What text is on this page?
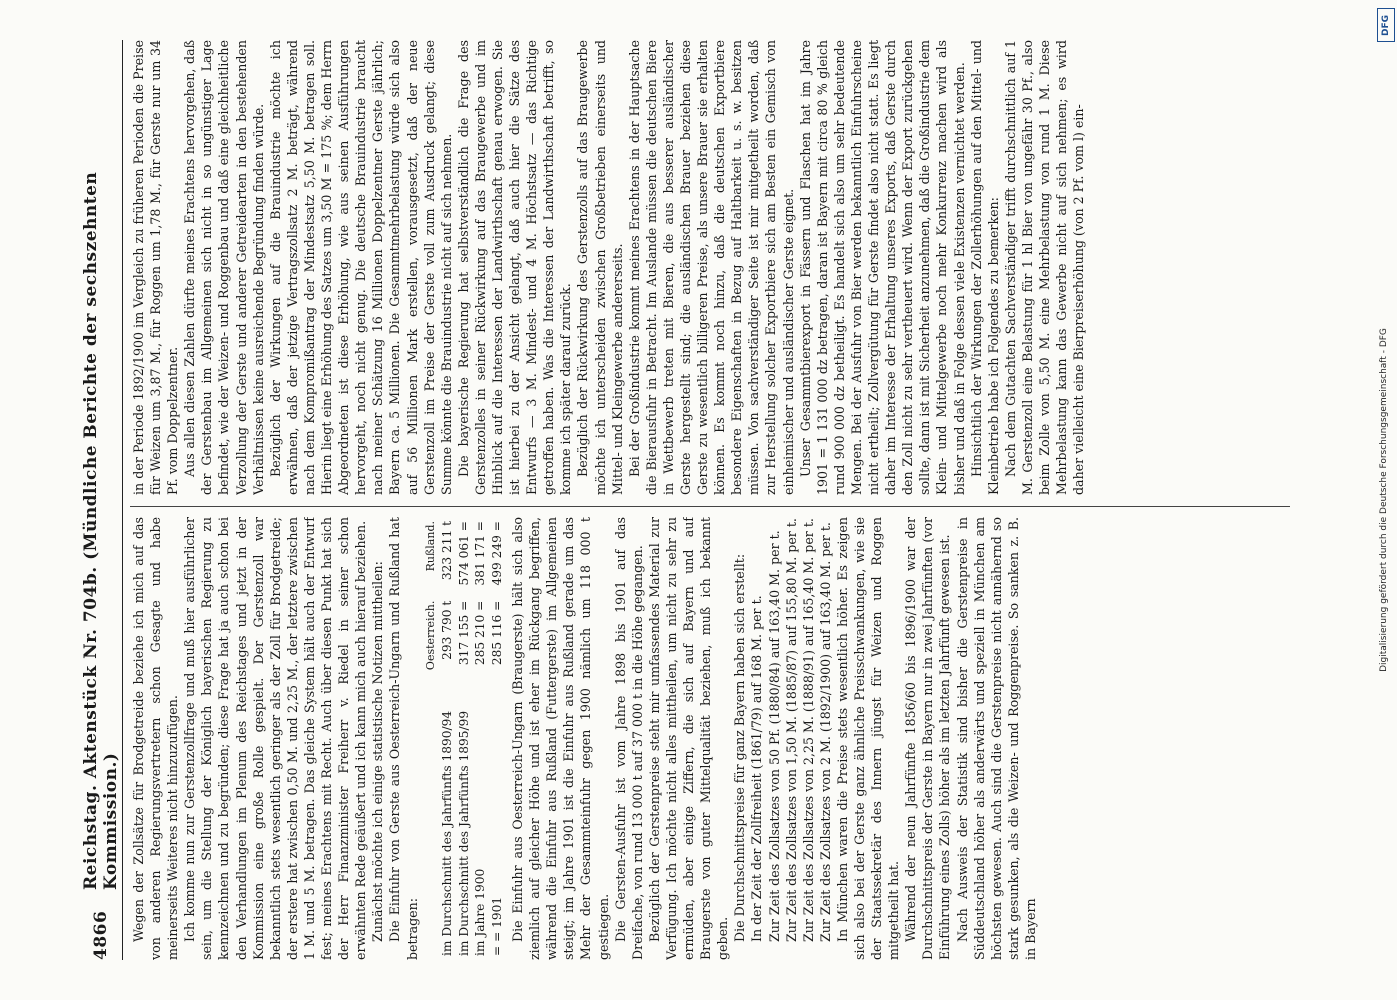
4866
Reichstag. Aktenstück Nr. 704b. (Mündliche Berichte der sechszehnten Kommission.) Wegen der Zollsätze für Brodgetreide beziehe ich mich auf das von anderen Regierungsvertretern schon Gesagte und habe meinerseits Weiteres nicht hinzuzufügen. Ich komme nun zur Gerstenzollfrage und muß hier ausführlicher sein, um die Stellung der Königlich bayerischen Regierung zu kennzeichnen und zu begründen; diese Frage hat ja auch schon bei den Verhandlungen im Plenum des Reichstages und jetzt in der Kommission eine große Rolle gespielt. Der Gerstenzoll war bekanntlich stets wesentlich geringer als der Zoll für Brodgetreide; der erstere hat zwischen 0,50 M. und 2,25 M., der letztere zwischen 1 M. und 5 M. betragen. Das gleiche System hält auch der Entwurf fest; meines Erachtens mit Recht. Auch über diesen Punkt hat sich der Herr Finanzminister Freiherr v. Riedel in seiner schon erwähnten Rede geäußert und ich kann mich auch hierauf beziehen. Zunächst möchte ich einige statistische Notizen mittheilen: Die Einfuhr von Gerste aus Oesterreich-Ungarn und Rußland hat betragen:

	Oesterreich.	Rußland.
im Durchschnitt des Jahrfünfts 1890/94	293 790 t	323 211 t
im Durchschnitt des Jahrfünfts 1895/99	317 155 =	574 061 =
im Jahre 1900	285 210 =	381 171 =
= = 1901	285 116 =	499 249 = Die Einfuhr aus Oesterreich-Ungarn (Braugerste) hält sich also ziemlich auf gleicher Höhe und ist eher im Rückgang begriffen, während die Einfuhr aus Rußland (Futtergerste) im Allgemeinen steigt; im Jahre 1901 ist die Einfuhr aus Rußland gerade um das Mehr der Gesammteinfuhr gegen 1900 nämlich um 118 000 t gestiegen. Die Gersten-Ausfuhr ist vom Jahre 1898 bis 1901 auf das Dreifache, von rund 13 000 t auf 37 000 t in die Höhe gegangen. Bezüglich der Gerstenpreise steht mir umfassendes Material zur Verfügung. Ich möchte nicht alles mittheilen, um nicht zu sehr zu ermüden, aber einige Ziffern, die sich auf Bayern und auf Braugerste von guter Mittelqualität beziehen, muß ich bekannt geben. Die Durchschnittspreise für ganz Bayern haben sich erstellt: In der Zeit der Zollfreiheit (1861/79) auf 168 M. per t. Zur Zeit des Zollsatzes von 50 Pf. (1880/84) auf 163,40 M. per t. Zur Zeit des Zollsatzes von 1,50 M. (1885/87) auf 155,80 M. per t. Zur Zeit des Zollsatzes von 2,25 M. (1888/91) auf 165,40 M. per t. Zur Zeit des Zollsatzes von 2 M. (1892/1900) auf 163,40 M. per t. In München waren die Preise stets wesentlich höher. Es zeigen sich also bei der Gerste ganz ähnliche Preisschwankungen, wie sie der Staatssekretär des Innern jüngst für Weizen und Roggen mitgetheilt hat. Während der neun Jahrfünfte 1856/60 bis 1896/1900 war der Durchschnittspreis der Gerste in Bayern nur in zwei Jahrfünften (vor Einführung eines Zolls) höher als im letzten Jahrfünft gewesen ist. Nach Ausweis der Statistik sind bisher die Gerstenpreise in Süddeutschland höher als anderwärts und speziell in München am höchsten gewesen. Auch sind die Gerstenpreise nicht annähernd so stark gesunken, als die Weizen- und Roggenpreise. So sanken z. B. in Bayern

in der Periode 1892/1900 im Vergleich zu früheren Perioden die Preise für Weizen um 3,87 M., für Roggen um 1,78 M., für Gerste nur um 34 Pf. vom Doppelzentner. Aus allen diesen Zahlen dürfte meines Erachtens hervorgehen, daß der Gerstenbau im Allgemeinen sich nicht in so ungünstiger Lage befindet, wie der Weizen- und Roggenbau und daß eine gleichheitliche Verzollung der Gerste und anderer Getreidearten in den bestehenden Verhältnissen keine ausreichende Begründung finden würde. Bezüglich der Wirkungen auf die Brauindustrie möchte ich erwähnen, daß der jetzige Vertragszollsatz 2 M. beträgt, während nach dem Kompromißantrag der Mindestsatz 5,50 M. betragen soll. Hierin liegt eine Erhöhung des Satzes um 3,50 M = 175 %; dem Herrn Abgeordneten ist diese Erhöhung, wie aus seinen Ausführungen hervorgeht, noch nicht genug. Die deutsche Brauindustrie braucht nach meiner Schätzung 16 Millionen Doppelzentner Gerste jährlich; Bayern ca. 5 Millionen. Die Gesammtmehrbelastung würde sich also auf 56 Millionen Mark erstellen, vorausgesetzt, daß der neue Gerstenzoll im Preise der Gerste voll zum Ausdruck gelangt; diese Summe könnte die Brauindustrie nicht auf sich nehmen. Die bayerische Regierung hat selbstverständlich die Frage des Gerstenzolles in seiner Rückwirkung auf das Braugewerbe und im Hinblick auf die Interessen der Landwirthschaft genau erwogen. Sie ist hierbei zu der Ansicht gelangt, daß auch hier die Sätze des Entwurfs — 3 M. Mindest- und 4 M. Höchstsatz — das Richtige getroffen haben. Was die Interessen der Landwirthschaft betrifft, so komme ich später darauf zurück. Bezüglich der Rückwirkung des Gerstenzolls auf das Braugewerbe möchte ich unterscheiden zwischen Großbetrieben einerseits und Mittel- und Kleingewerbe andererseits. Bei der Großindustrie kommt meines Erachtens in der Hauptsache die Bierausfuhr in Betracht. Im Auslande müssen die deutschen Biere in Wettbewerb treten mit Bieren, die aus besserer ausländischer Gerste hergestellt sind; die ausländischen Brauer beziehen diese Gerste zu wesentlich billigeren Preise, als unsere Brauer sie erhalten können. Es kommt noch hinzu, daß die deutschen Exportbiere besondere Eigenschaften in Bezug auf Haltbarkeit u. s. w. besitzen müssen. Von sachverständiger Seite ist mir mitgetheilt worden, daß zur Herstellung solcher Exportbiere sich am Besten ein Gemisch von einheimischer und ausländischer Gerste eignet. Unser Gesammtbierexport in Fässern und Flaschen hat im Jahre 1901 = 1 131 000 dz betragen, daran ist Bayern mit circa 80 % gleich rund 900 000 dz betheiligt. Es handelt sich also um sehr bedeutende Mengen. Bei der Ausfuhr von Bier werden bekanntlich Einfuhrscheine nicht ertheilt; Zollvergütung für Gerste findet also nicht statt. Es liegt daher im Interesse der Erhaltung unseres Exports, daß Gerste durch den Zoll nicht zu sehr vertheuert wird. Wenn der Export zurückgehen sollte, dann ist mit Sicherheit anzunehmen, daß die Großindustrie dem Klein- und Mittelgewerbe noch mehr Konkurrenz machen wird als bisher und daß in Folge dessen viele Existenzen vernichtet werden. Hinsichtlich der Wirkungen der Zollerhöhungen auf den Mittel- und Kleinbetrieb habe ich Folgendes zu bemerken: Nach dem Gutachten Sachverständiger trifft durchschnittlich auf 1 M. Gerstenzoll eine Belastung für 1 hl Bier von ungefähr 30 Pf., also beim Zolle von 5,50 M. eine Mehrbelastung von rund 1 M. Diese Mehrbelastung kann das Gewerbe nicht auf sich nehmen; es wird daher vielleicht eine Bierpreiserhöhung (von 2 Pf. vom l) ein-

Digitalisierung gefördert durch die Deutsche Forschungsgemeinschaft - DFG
DFG
